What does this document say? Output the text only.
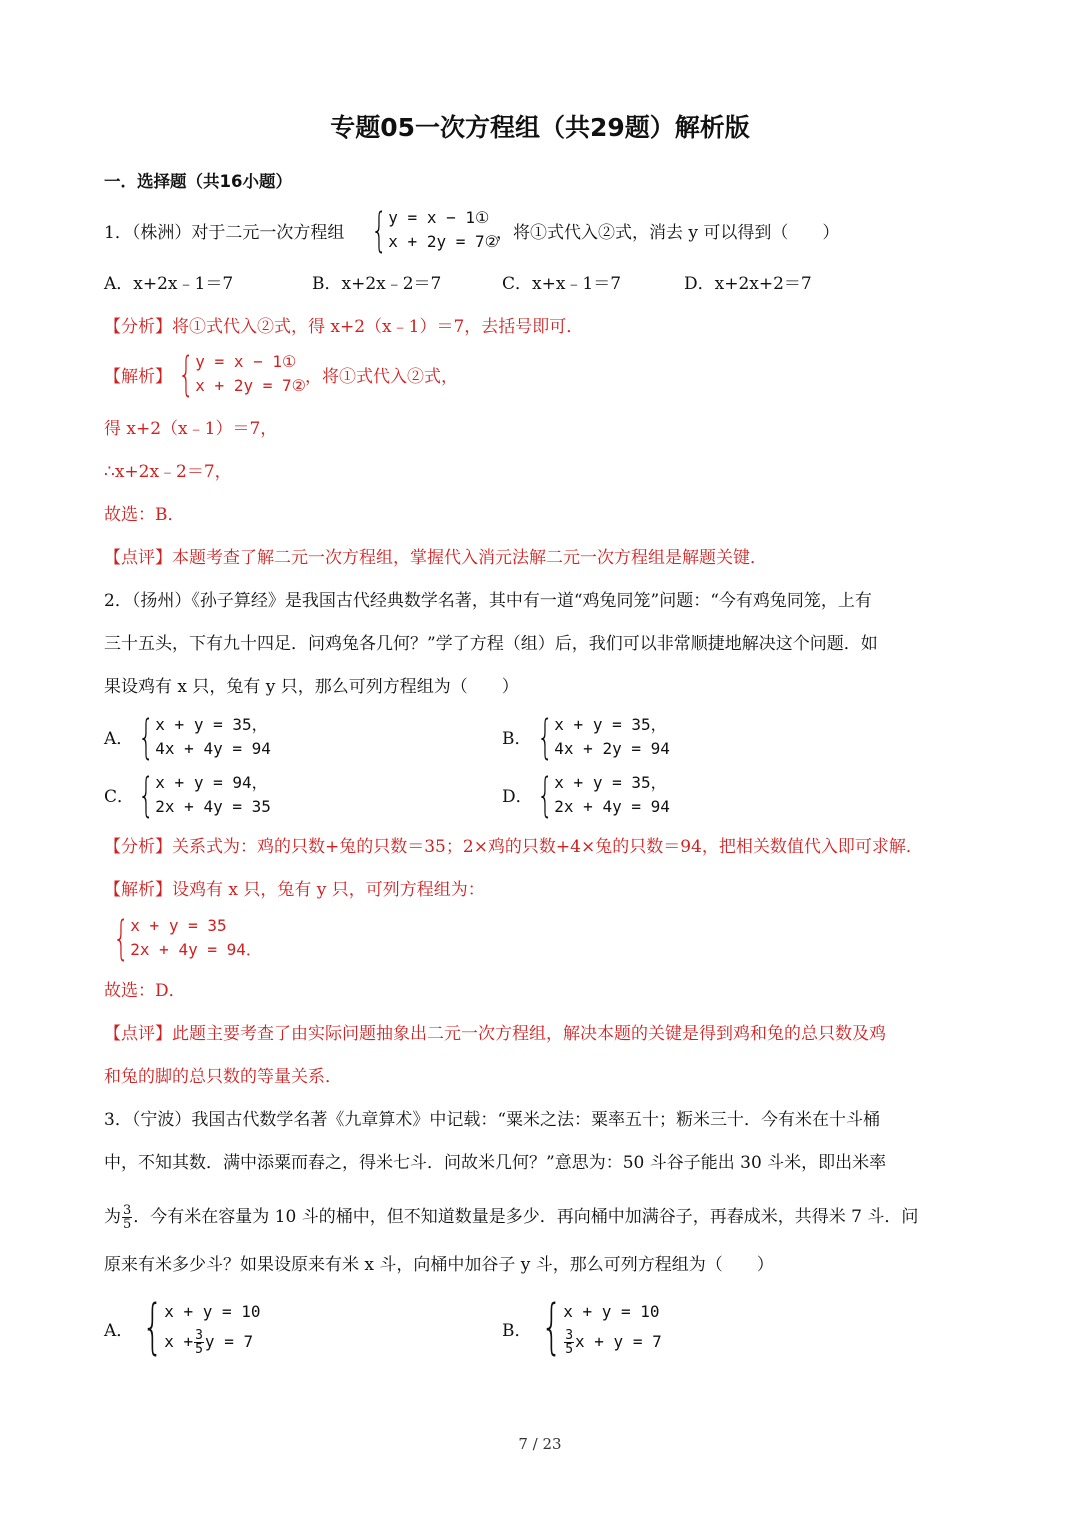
专题05一次方程组（共29题）解析版
一．选择题（共16小题）
1．（株洲）对于二元一次方程组 { y = x − 1①
x + 2y = 7②
，将①式代入②式，消去 y 可以得到（　　）
A．x+2x﹣1＝7	B．x+2x﹣2＝7	C．x+x﹣1＝7	D．x+2x+2＝7
【分析】将①式代入②式，得 x+2（x﹣1）＝7，去括号即可．
【解析】 { y = x − 1①
x + 2y = 7② ，将①式代入②式，
得 x+2（x﹣1）＝7，
∴x+2x﹣2＝7，
故选：B．
【点评】本题考查了解二元一次方程组，掌握代入消元法解二元一次方程组是解题关键．
2．（扬州）《孙子算经》是我国古代经典数学名著，其中有一道“鸡兔同笼”问题：“今有鸡兔同笼，上有
三十五头，下有九十四足．问鸡兔各几何？”学了方程（组）后，我们可以非常顺捷地解决这个问题．如
果设鸡有 x 只，兔有 y 只，那么可列方程组为（　　）
A． { x + y = 35，
4x + 4y = 94	B． { x + y = 35，
4x + 2y = 94
C． { x + y = 94，
2x + 4y = 35	D． { x + y = 35，
2x + 4y = 94
【分析】关系式为：鸡的只数+兔的只数＝35；2×鸡的只数+4×兔的只数＝94，把相关数值代入即可求解．
【解析】设鸡有 x 只，兔有 y 只，可列方程组为：
{ x + y = 35
2x + 4y = 94．
故选：D．
【点评】此题主要考查了由实际问题抽象出二元一次方程组，解决本题的关键是得到鸡和兔的总只数及鸡
和兔的脚的总只数的等量关系．
3．（宁波）我国古代数学名著《九章算术》中记载：“粟米之法：粟率五十；粝米三十．今有米在十斗桶
中，不知其数．满中添粟而舂之，得米七斗．问故米几何？”意思为：50 斗谷子能出 30 斗米，即出米率
为 $\frac{3}{5}$ ．今有米在容量为 10 斗的桶中，但不知道数量是多少．再向桶中加满谷子，再舂成米，共得米 7 斗．问
原来有米多少斗？如果设原来有米 x 斗，向桶中加谷子 y 斗，那么可列方程组为（　　）
A． { x + y = 10
$x + \frac{3}{5}$ y = 7
B． { x + y = 10
$\frac{3}{5}$ x + y = 7
7 / 23
